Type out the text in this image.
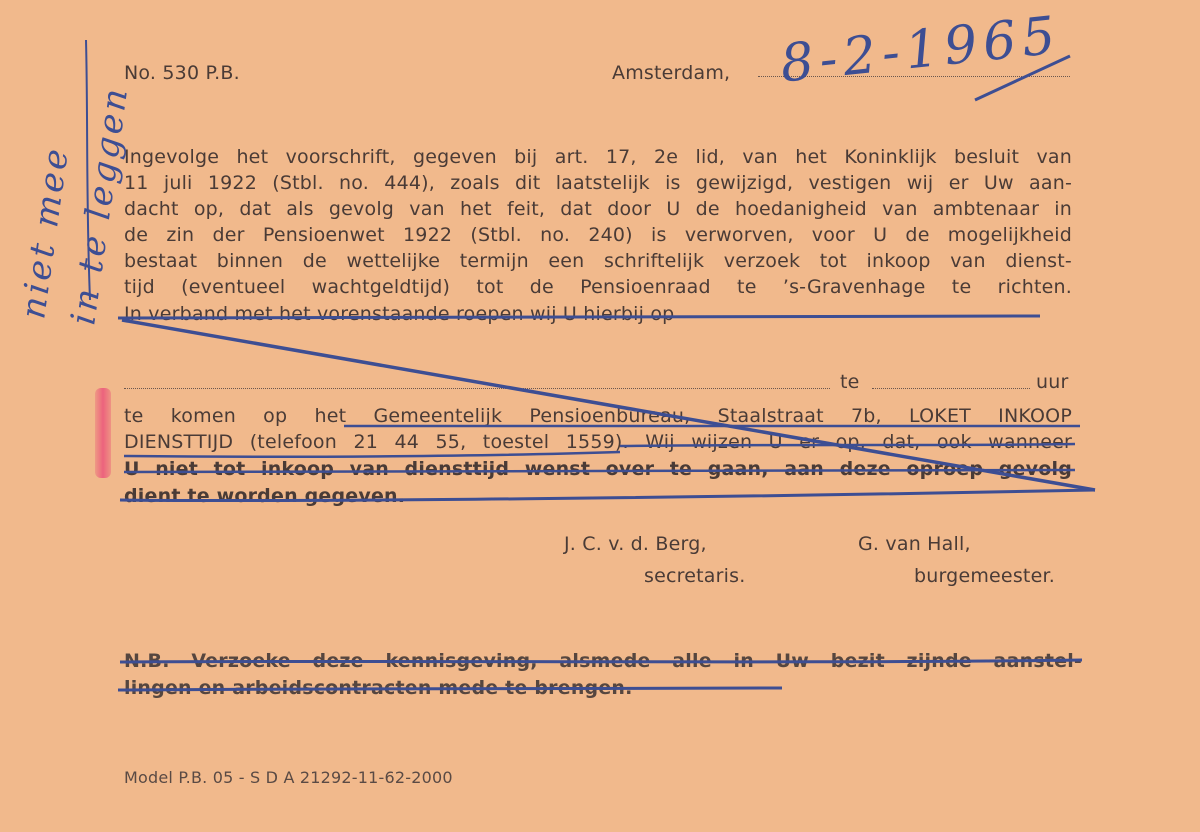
No. 530 P.B.	Amsterdam, 8-2-1965
niet mee
in te leggen
Ingevolge het voorschrift, gegeven bij art. 17, 2e lid, van het Koninklijk besluit van
11 juli 1922 (Stbl. no. 444), zoals dit laatstelijk is gewijzigd, vestigen wij er Uw aan-
dacht op, dat als gevolg van het feit, dat door U de hoedanigheid van ambtenaar in
de zin der Pensioenwet 1922 (Stbl. no. 240) is verworven, voor U de mogelijkheid
bestaat binnen de wettelijke termijn een schriftelijk verzoek tot inkoop van dienst-
tijd (eventueel wachtgeldtijd) tot de Pensioenraad te ’s-Gravenhage te richten.
In verband met het vorenstaande roepen wij U hierbij op
te	uur
te komen op het Gemeentelijk Pensioenbureau, Staalstraat 7b, LOKET INKOOP
DIENSTTIJD (telefoon 21 44 55, toestel 1559). Wij wijzen U er op, dat, ook wanneer
U niet tot inkoop van diensttijd wenst over te gaan, aan deze oproep gevolg
dient te worden gegeven.
J. C. v. d. Berg,
secretaris.
G. van Hall,
burgemeester.
N.B. Verzoeke deze kennisgeving, alsmede alle in Uw bezit zijnde aanstel-
lingen en arbeidscontracten mede te brengen.
Model P.B. 05 - S D A 21292-11-62-2000
